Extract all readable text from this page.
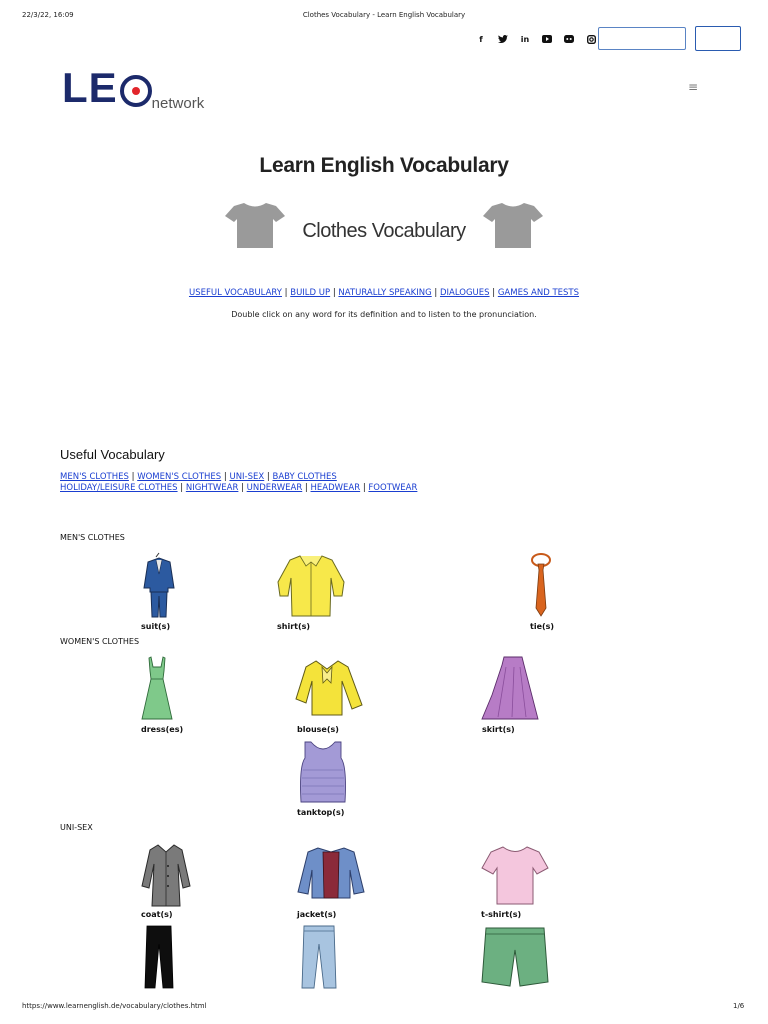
22/3/22, 16:09	Clothes Vocabulary - Learn English Vocabulary
f	in
LE network
≡
Learn English Vocabulary
Clothes Vocabulary
USEFUL VOCABULARY | BUILD UP | NATURALLY SPEAKING | DIALOGUES | GAMES AND TESTS
Double click on any word for its definition and to listen to the pronunciation.
Useful Vocabulary
MEN'S CLOTHES | WOMEN'S CLOTHES | UNI-SEX | BABY CLOTHES
HOLIDAY/LEISURE CLOTHES | NIGHTWEAR | UNDERWEAR | HEADWEAR | FOOTWEAR
MEN'S CLOTHES
suit(s)	shirt(s)	tie(s)
WOMEN'S CLOTHES
dress(es)	blouse(s)	skirt(s)
tanktop(s)
UNI-SEX
coat(s)	jacket(s)	t-shirt(s)
https://www.learnenglish.de/vocabulary/clothes.html	1/6
